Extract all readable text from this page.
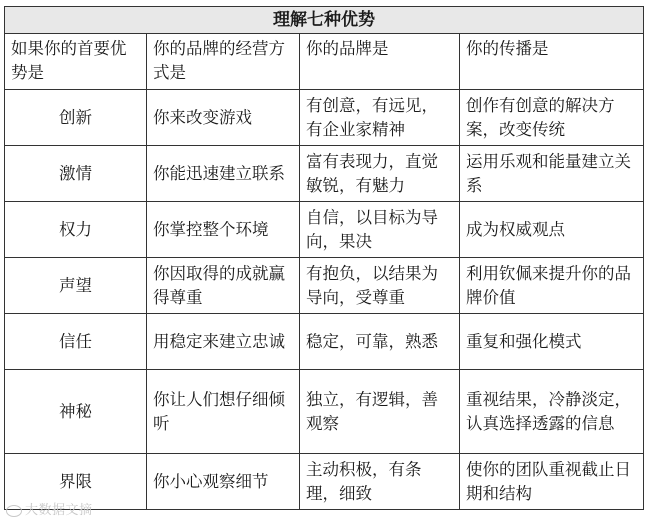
理解七种优势			
如果你的首要优势是	你的品牌的经营方式是	你的品牌是	你的传播是
创新	你来改变游戏	有创意，有远见，有企业家精神	创作有创意的解决方案，改变传统
激情	你能迅速建立联系	富有表现力，直觉敏锐，有魅力	运用乐观和能量建立关系
权力	你掌控整个环境	自信，以目标为导向，果决	成为权威观点
声望	你因取得的成就赢得尊重	有抱负，以结果为导向，受尊重	利用钦佩来提升你的品牌价值
信任	用稳定来建立忠诚	稳定，可靠，熟悉	重复和强化模式
神秘	你让人们想仔细倾听	独立，有逻辑，善观察	重视结果，冷静淡定，认真选择透露的信息
界限	你小心观察细节	主动积极，有条理，细致	使你的团队重视截止日期和结构
大数据文摘
